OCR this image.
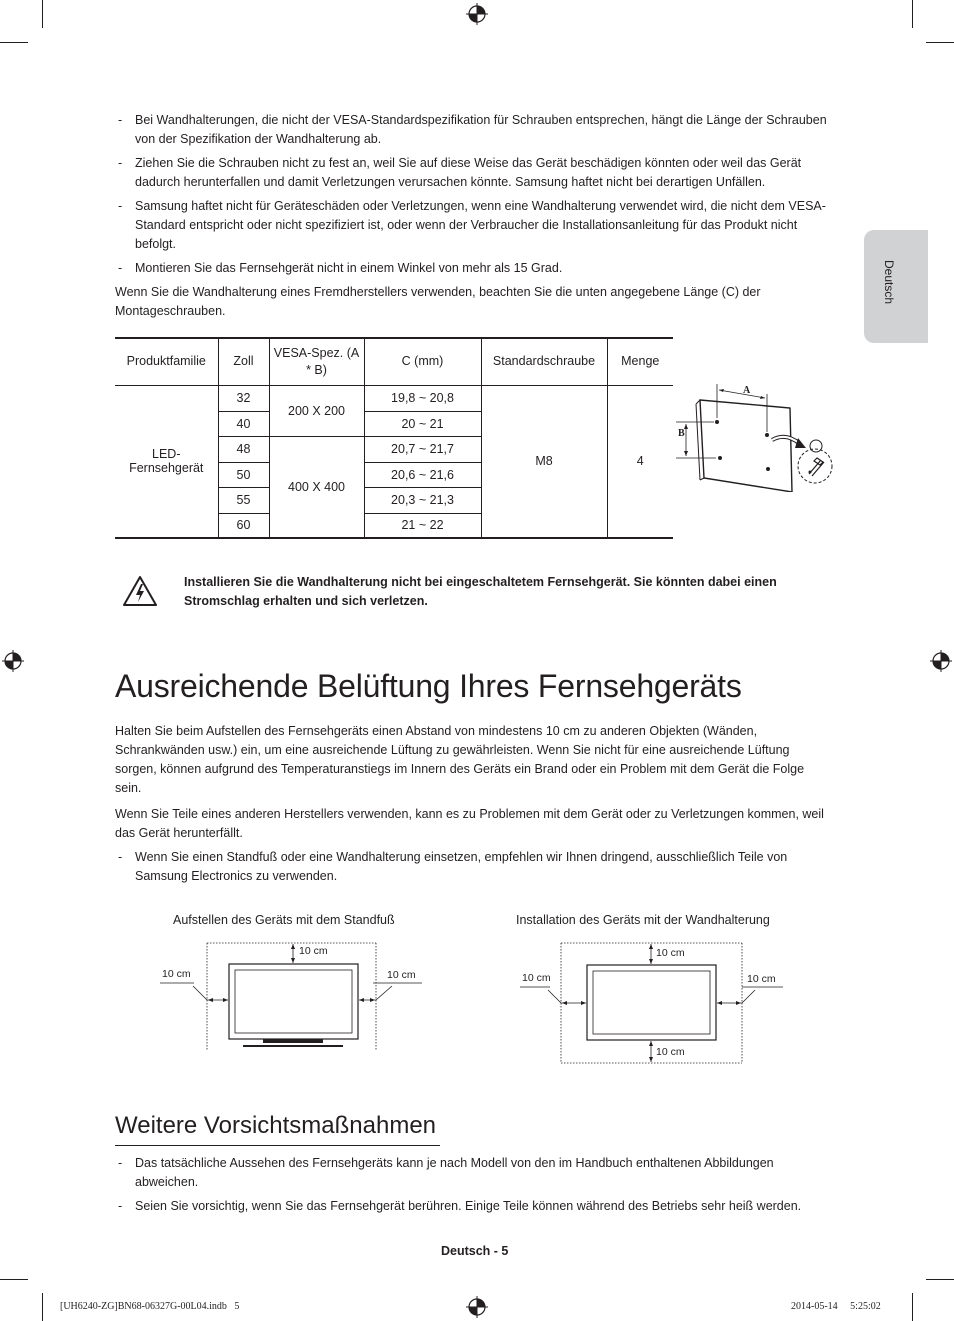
Deutsch
- Bei Wandhalterungen, die nicht der VESA-Standardspezifikation für Schrauben entsprechen, hängt die Länge der Schrauben von der Spezifikation der Wandhalterung ab.
- Ziehen Sie die Schrauben nicht zu fest an, weil Sie auf diese Weise das Gerät beschädigen könnten oder weil das Gerät dadurch herunterfallen und damit Verletzungen verursachen könnte. Samsung haftet nicht bei derartigen Unfällen.
- Samsung haftet nicht für Geräteschäden oder Verletzungen, wenn eine Wandhalterung verwendet wird, die nicht dem VESA-Standard entspricht oder nicht spezifiziert ist, oder wenn der Verbraucher die Installationsanleitung für das Produkt nicht befolgt.
- Montieren Sie das Fernsehgerät nicht in einem Winkel von mehr als 15 Grad.
Wenn Sie die Wandhalterung eines Fremdherstellers verwenden, beachten Sie die unten angegebene Länge (C) der Montageschrauben.
Produktfamilie	Zoll	VESA-Spez. (A * B)	C (mm)	Standardschraube	Menge
LED-Fernsehgerät	32	200 X 200	19,8 ~ 20,8	M8	4
	40		20 ~ 21		
	48	400 X 400	20,7 ~ 21,7		
	50		20,6 ~ 21,6		
	55		20,3 ~ 21,3		
	60		21 ~ 22		
A
B
Installieren Sie die Wandhalterung nicht bei eingeschaltetem Fernsehgerät. Sie könnten dabei einen Stromschlag erhalten und sich verletzen.
Ausreichende Belüftung Ihres Fernsehgeräts
Halten Sie beim Aufstellen des Fernsehgeräts einen Abstand von mindestens 10 cm zu anderen Objekten (Wänden, Schrankwänden usw.) ein, um eine ausreichende Lüftung zu gewährleisten. Wenn Sie nicht für eine ausreichende Lüftung sorgen, können aufgrund des Temperaturanstiegs im Innern des Geräts ein Brand oder ein Problem mit dem Gerät die Folge sein.
Wenn Sie Teile eines anderen Herstellers verwenden, kann es zu Problemen mit dem Gerät oder zu Verletzungen kommen, weil das Gerät herunterfällt.
- Wenn Sie einen Standfuß oder eine Wandhalterung einsetzen, empfehlen wir Ihnen dringend, ausschließlich Teile von Samsung Electronics zu verwenden.
Aufstellen des Geräts mit dem Standfuß
10 cm
10 cm	10 cm
Installation des Geräts mit der Wandhalterung
10 cm
10 cm	10 cm
10 cm
Weitere Vorsichtsmaßnahmen
- Das tatsächliche Aussehen des Fernsehgeräts kann je nach Modell von den im Handbuch enthaltenen Abbildungen abweichen.
- Seien Sie vorsichtig, wenn Sie das Fernsehgerät berühren. Einige Teile können während des Betriebs sehr heiß werden.
Deutsch - 5
[UH6240-ZG]BN68-06327G-00L04.indb   5	2014-05-14     5:25:02
